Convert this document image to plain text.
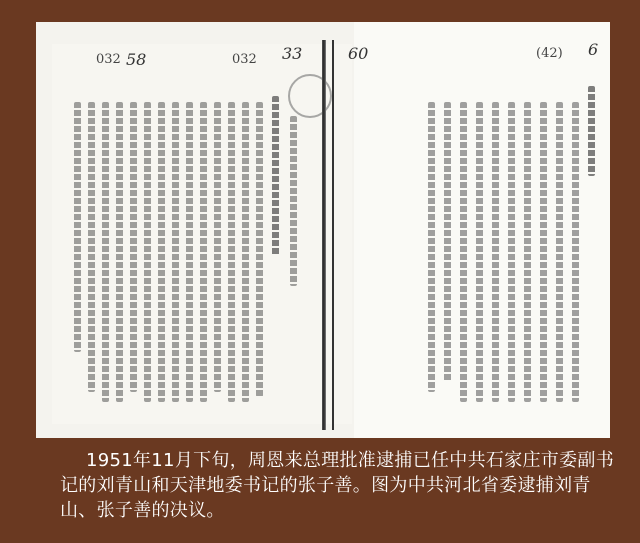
032 58	032 33	60	(42) 6
1951年11月下旬，周恩来总理批准逮捕已任中共石家庄市委副书记的刘青山和天津地委书记的张子善。图为中共河北省委逮捕刘青山、张子善的决议。
